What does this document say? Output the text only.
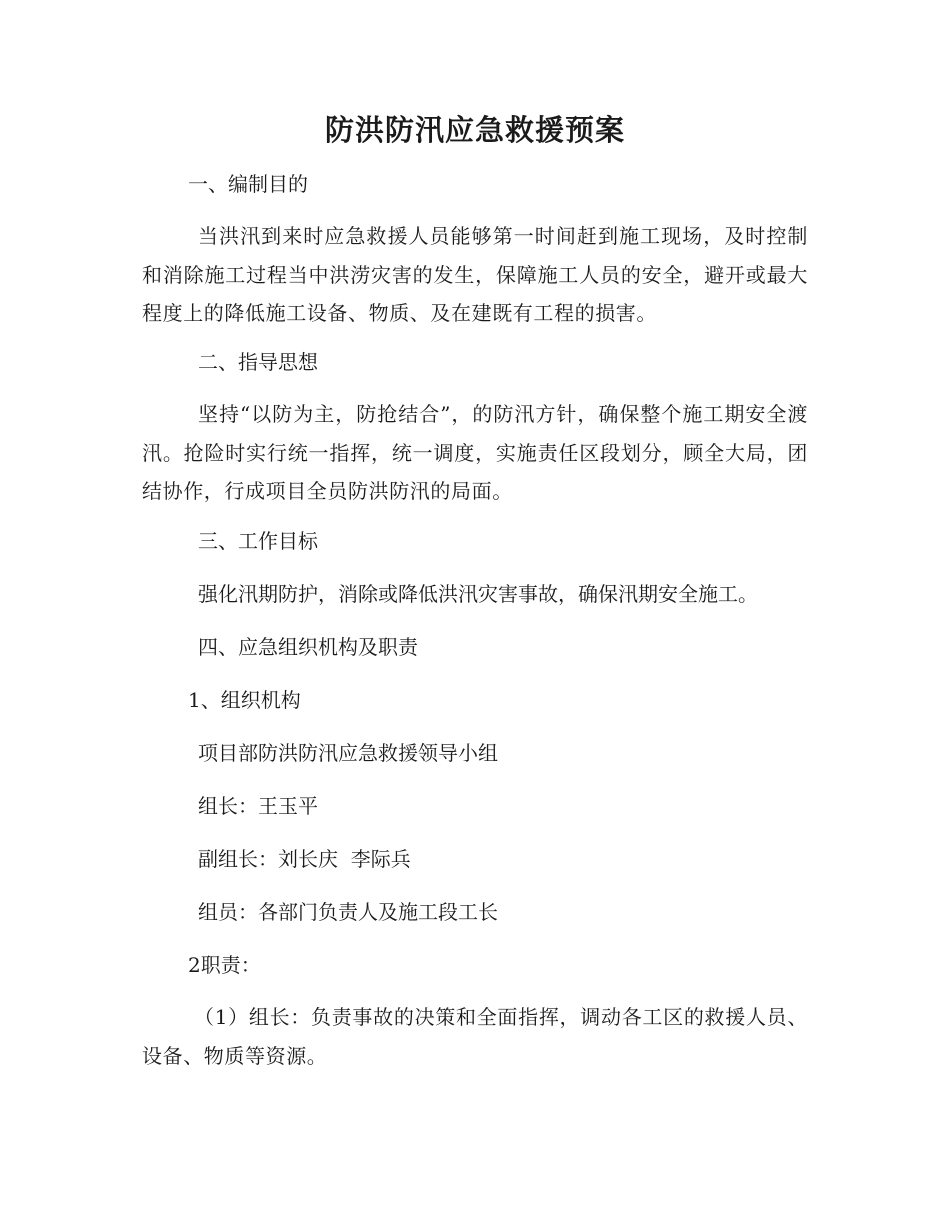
防洪防汛应急救援预案

一、编制目的

当洪汛到来时应急救援人员能够第一时间赶到施工现场，及时控制和消除施工过程当中洪涝灾害的发生，保障施工人员的安全，避开或最大程度上的降低施工设备、物质、及在建既有工程的损害。

二、指导思想

坚持“以防为主，防抢结合”，的防汛方针，确保整个施工期安全渡汛。抢险时实行统一指挥，统一调度，实施责任区段划分，顾全大局，团结协作，行成项目全员防洪防汛的局面。

三、工作目标

强化汛期防护，消除或降低洪汛灾害事故，确保汛期安全施工。

四、应急组织机构及职责

1、组织机构

项目部防洪防汛应急救援领导小组

组长：王玉平

副组长：刘长庆  李际兵

组员：各部门负责人及施工段工长

2职责：

（1）组长：负责事故的决策和全面指挥，调动各工区的救援人员、设备、物质等资源。
